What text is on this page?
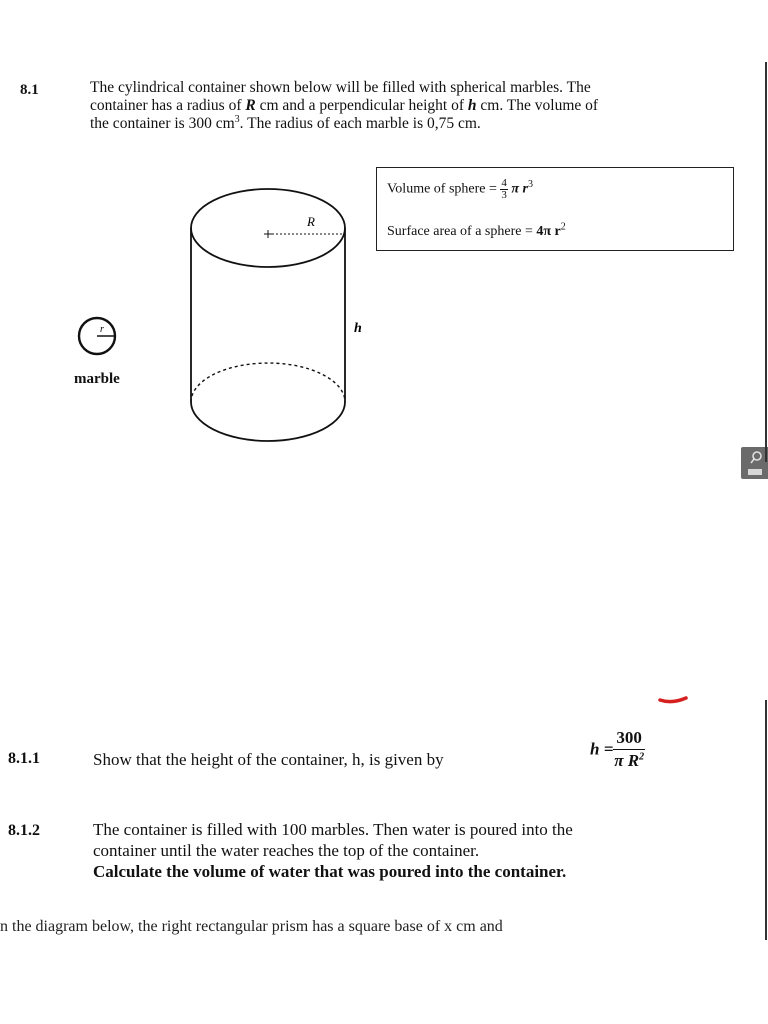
8.1	The cylindrical container shown below will be filled with spherical marbles. The
container has a radius of R cm and a perpendicular height of h cm. The volume of
the container is 300 $cm^3$. The radius of each marble is 0,75 cm.
Volume of sphere = $\frac{4}{3}$ π $r^3$
Surface area of a sphere = 4π $r^2$
R
h
r
marble
8.1.1	Show that the height of the container, h, is given by
$h = \frac{300}{\pi R^2}$
8.1.2	The container is filled with 100 marbles. Then water is poured into the
container until the water reaches the top of the container.
Calculate the volume of water that was poured into the container.
n the diagram below, the right rectangular prism has a square base of x cm and
